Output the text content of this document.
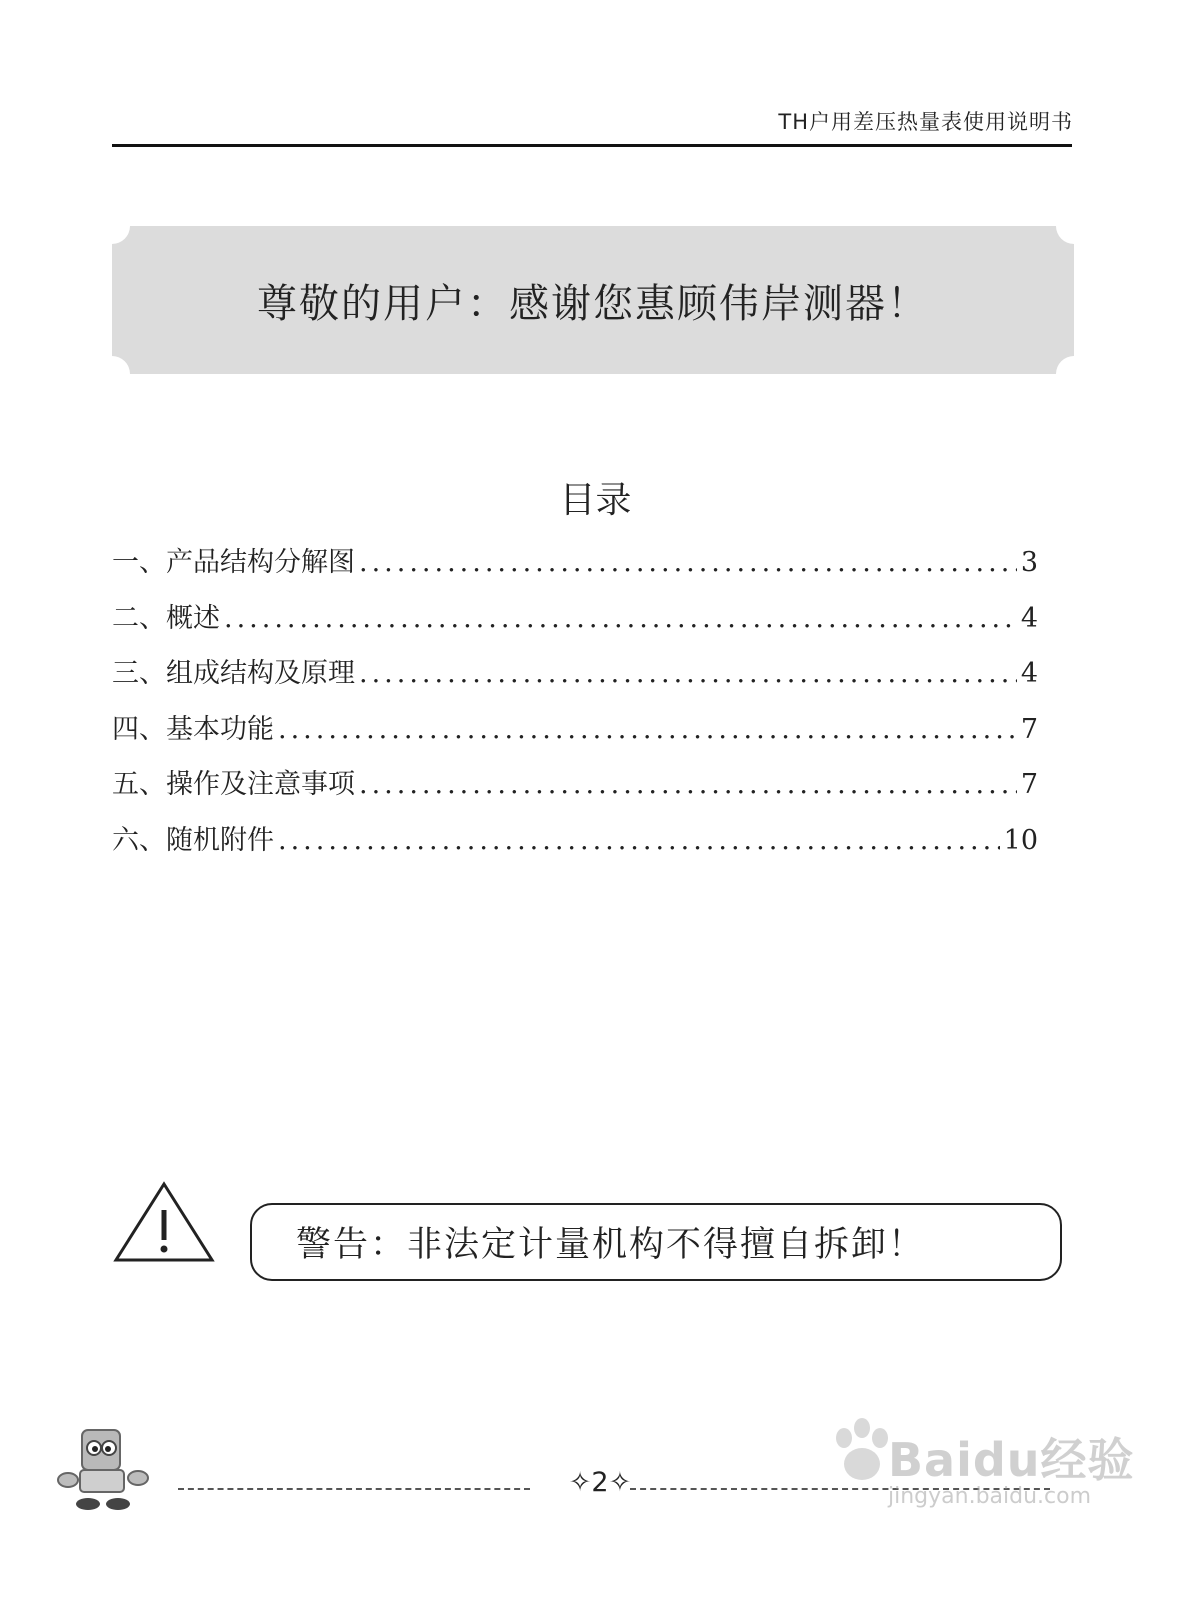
TH户用差压热量表使用说明书
尊敬的用户：感谢您惠顾伟岸测器！
目录
一、产品结构分解图 .....	3
二、概述 .....	4
三、组成结构及原理 .....	4
四、基本功能 .....	7
五、操作及注意事项 .....	7
六、随机附件 .....	10
警告：非法定计量机构不得擅自拆卸！
✧2✧	Baidu经验
jingyan.baidu.com
